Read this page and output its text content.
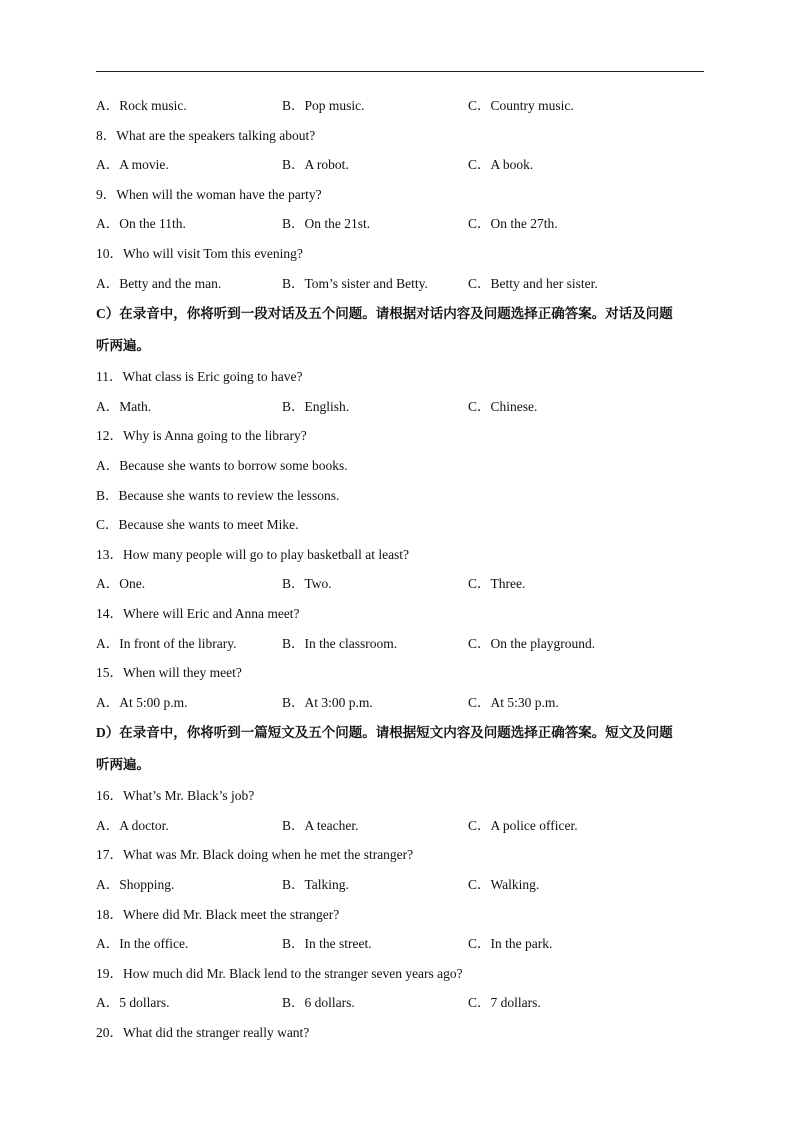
A．Rock music.	B．Pop music.	C．Country music.
8．What are the speakers talking about?
A．A movie.	B．A robot.	C．A book.
9．When will the woman have the party?
A．On the 11th.	B．On the 21st.	C．On the 27th.
10．Who will visit Tom this evening?
A．Betty and the man.	B．Tom’s sister and Betty.	C．Betty and her sister.
C）在录音中，你将听到一段对话及五个问题。请根据对话内容及问题选择正确答案。对话及问题
听两遍。
11．What class is Eric going to have?
A．Math.	B．English.	C．Chinese.
12．Why is Anna going to the library?
A．Because she wants to borrow some books.
B．Because she wants to review the lessons.
C．Because she wants to meet Mike.
13．How many people will go to play basketball at least?
A．One.	B．Two.	C．Three.
14．Where will Eric and Anna meet?
A．In front of the library.	B．In the classroom.	C．On the playground.
15．When will they meet?
A．At 5:00 p.m.	B．At 3:00 p.m.	C．At 5:30 p.m.
D）在录音中，你将听到一篇短文及五个问题。请根据短文内容及问题选择正确答案。短文及问题
听两遍。
16．What’s Mr. Black’s job?
A．A doctor.	B．A teacher.	C．A police officer.
17．What was Mr. Black doing when he met the stranger?
A．Shopping.	B．Talking.	C．Walking.
18．Where did Mr. Black meet the stranger?
A．In the office.	B．In the street.	C．In the park.
19．How much did Mr. Black lend to the stranger seven years ago?
A．5 dollars.	B．6 dollars.	C．7 dollars.
20．What did the stranger really want?
